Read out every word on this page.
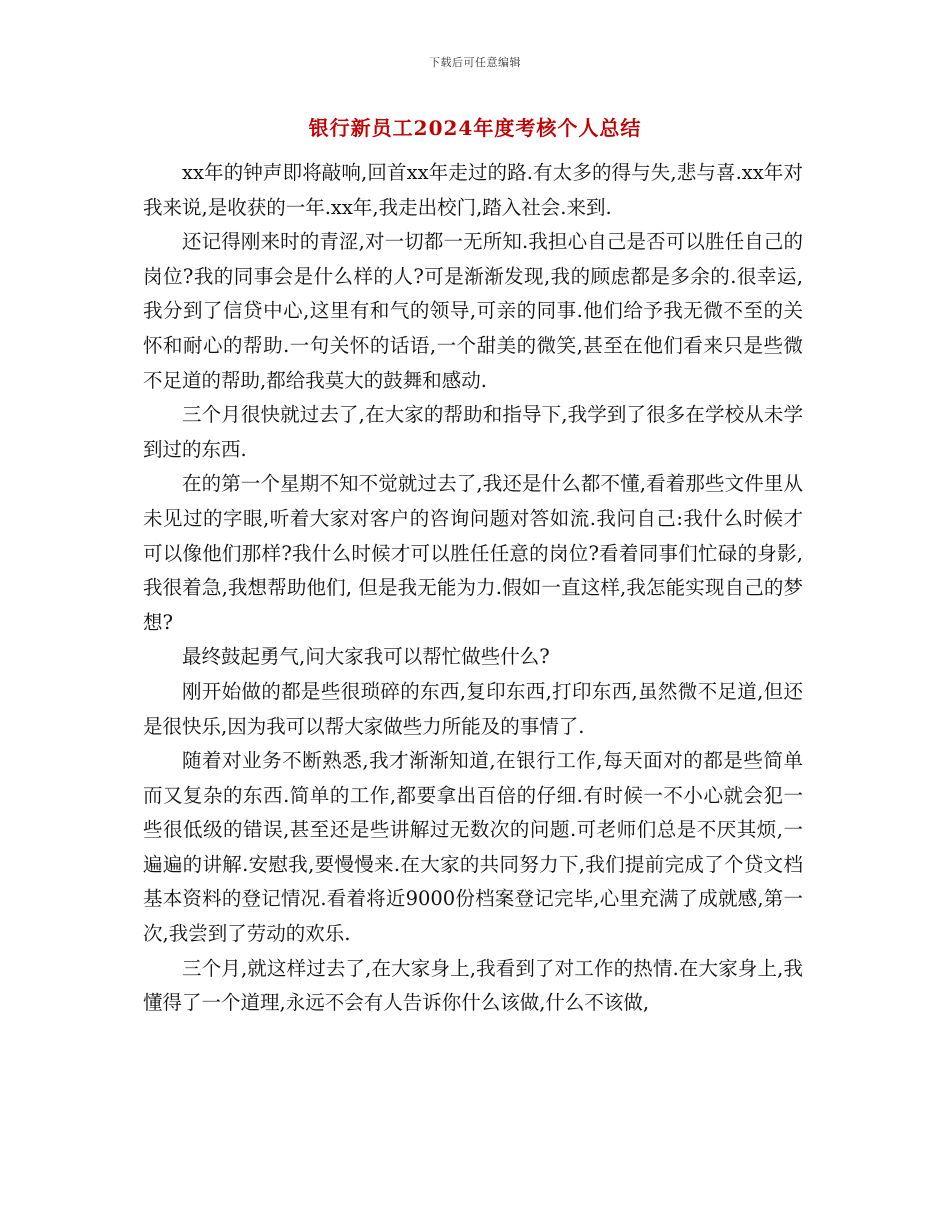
下载后可任意编辑
银行新员工2024年度考核个人总结

xx年的钟声即将敲响,回首xx年走过的路.有太多的得与失,悲与喜.xx年对我来说,是收获的一年.xx年,我走出校门,踏入社会.来到.

还记得刚来时的青涩,对一切都一无所知.我担心自己是否可以胜任自己的岗位?我的同事会是什么样的人?可是渐渐发现,我的顾虑都是多余的.很幸运,我分到了信贷中心,这里有和气的领导,可亲的同事.他们给予我无微不至的关怀和耐心的帮助.一句关怀的话语,一个甜美的微笑,甚至在他们看来只是些微不足道的帮助,都给我莫大的鼓舞和感动.

三个月很快就过去了,在大家的帮助和指导下,我学到了很多在学校从未学到过的东西.

在的第一个星期不知不觉就过去了,我还是什么都不懂,看着那些文件里从未见过的字眼,听着大家对客户的咨询问题对答如流.我问自己:我什么时候才可以像他们那样?我什么时候才可以胜任任意的岗位?看着同事们忙碌的身影,我很着急,我想帮助他们, 但是我无能为力.假如一直这样,我怎能实现自己的梦想?

最终鼓起勇气,问大家我可以帮忙做些什么?

刚开始做的都是些很琐碎的东西,复印东西,打印东西,虽然微不足道,但还是很快乐,因为我可以帮大家做些力所能及的事情了.

随着对业务不断熟悉,我才渐渐知道,在银行工作,每天面对的都是些简单而又复杂的东西.简单的工作,都要拿出百倍的仔细.有时候一不小心就会犯一些很低级的错误,甚至还是些讲解过无数次的问题.可老师们总是不厌其烦,一遍遍的讲解.安慰我,要慢慢来.在大家的共同努力下,我们提前完成了个贷文档基本资料的登记情况.看着将近9000份档案登记完毕,心里充满了成就感,第一次,我尝到了劳动的欢乐.

三个月,就这样过去了,在大家身上,我看到了对工作的热情.在大家身上,我懂得了一个道理,永远不会有人告诉你什么该做,什么不该做,
